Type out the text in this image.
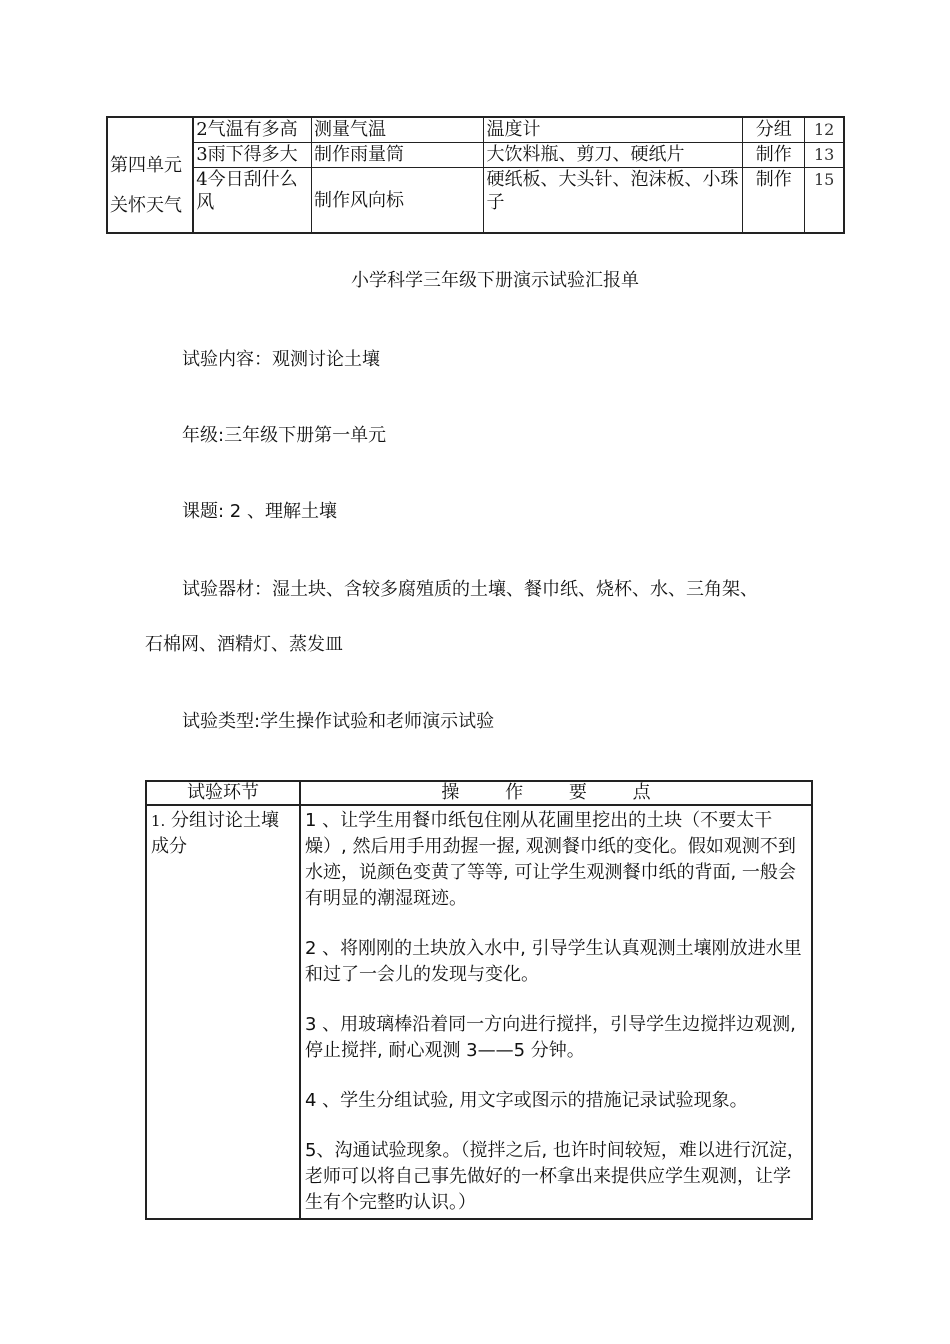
第四单元
关怀天气	2气温有多高	测量气温	温度计	分组	12
	3雨下得多大	制作雨量筒	大饮料瓶、剪刀、硬纸片	制作	13
	4今日刮什么风	制作风向标	硬纸板、大头针、泡沫板、小珠子	制作	15
小学科学三年级下册演示试验汇报单
试验内容：观测讨论土壤
年级:三年级下册第一单元
课题: 2 、理解土壤
试验器材：湿土块、含较多腐殖质的土壤、餐巾纸、烧杯、水、三角架、
石棉网、酒精灯、蒸发皿
试验类型:学生操作试验和老师演示试验
试验环节	操 作 要 点
1. 分组讨论土壤成分	1 、让学生用餐巾纸包住刚从花圃里挖出的土块（不要太干燥）, 然后用手用劲握一握, 观测餐巾纸的变化。假如观测不到水迹，说颜色变黄了等等, 可让学生观测餐巾纸的背面, 一般会有明显的潮湿斑迹。

2 、将刚刚的土块放入水中, 引导学生认真观测土壤刚放进水里和过了一会儿的发现与变化。

3 、用玻璃棒沿着同一方向进行搅拌，引导学生边搅拌边观测, 停止搅拌, 耐心观测 3——5 分钟。

4 、学生分组试验, 用文字或图示的措施记录试验现象。

5、沟通试验现象。（搅拌之后, 也许时间较短，难以进行沉淀，老师可以将自己事先做好的一杯拿出来提供应学生观测，让学生有个完整旳认识。）
